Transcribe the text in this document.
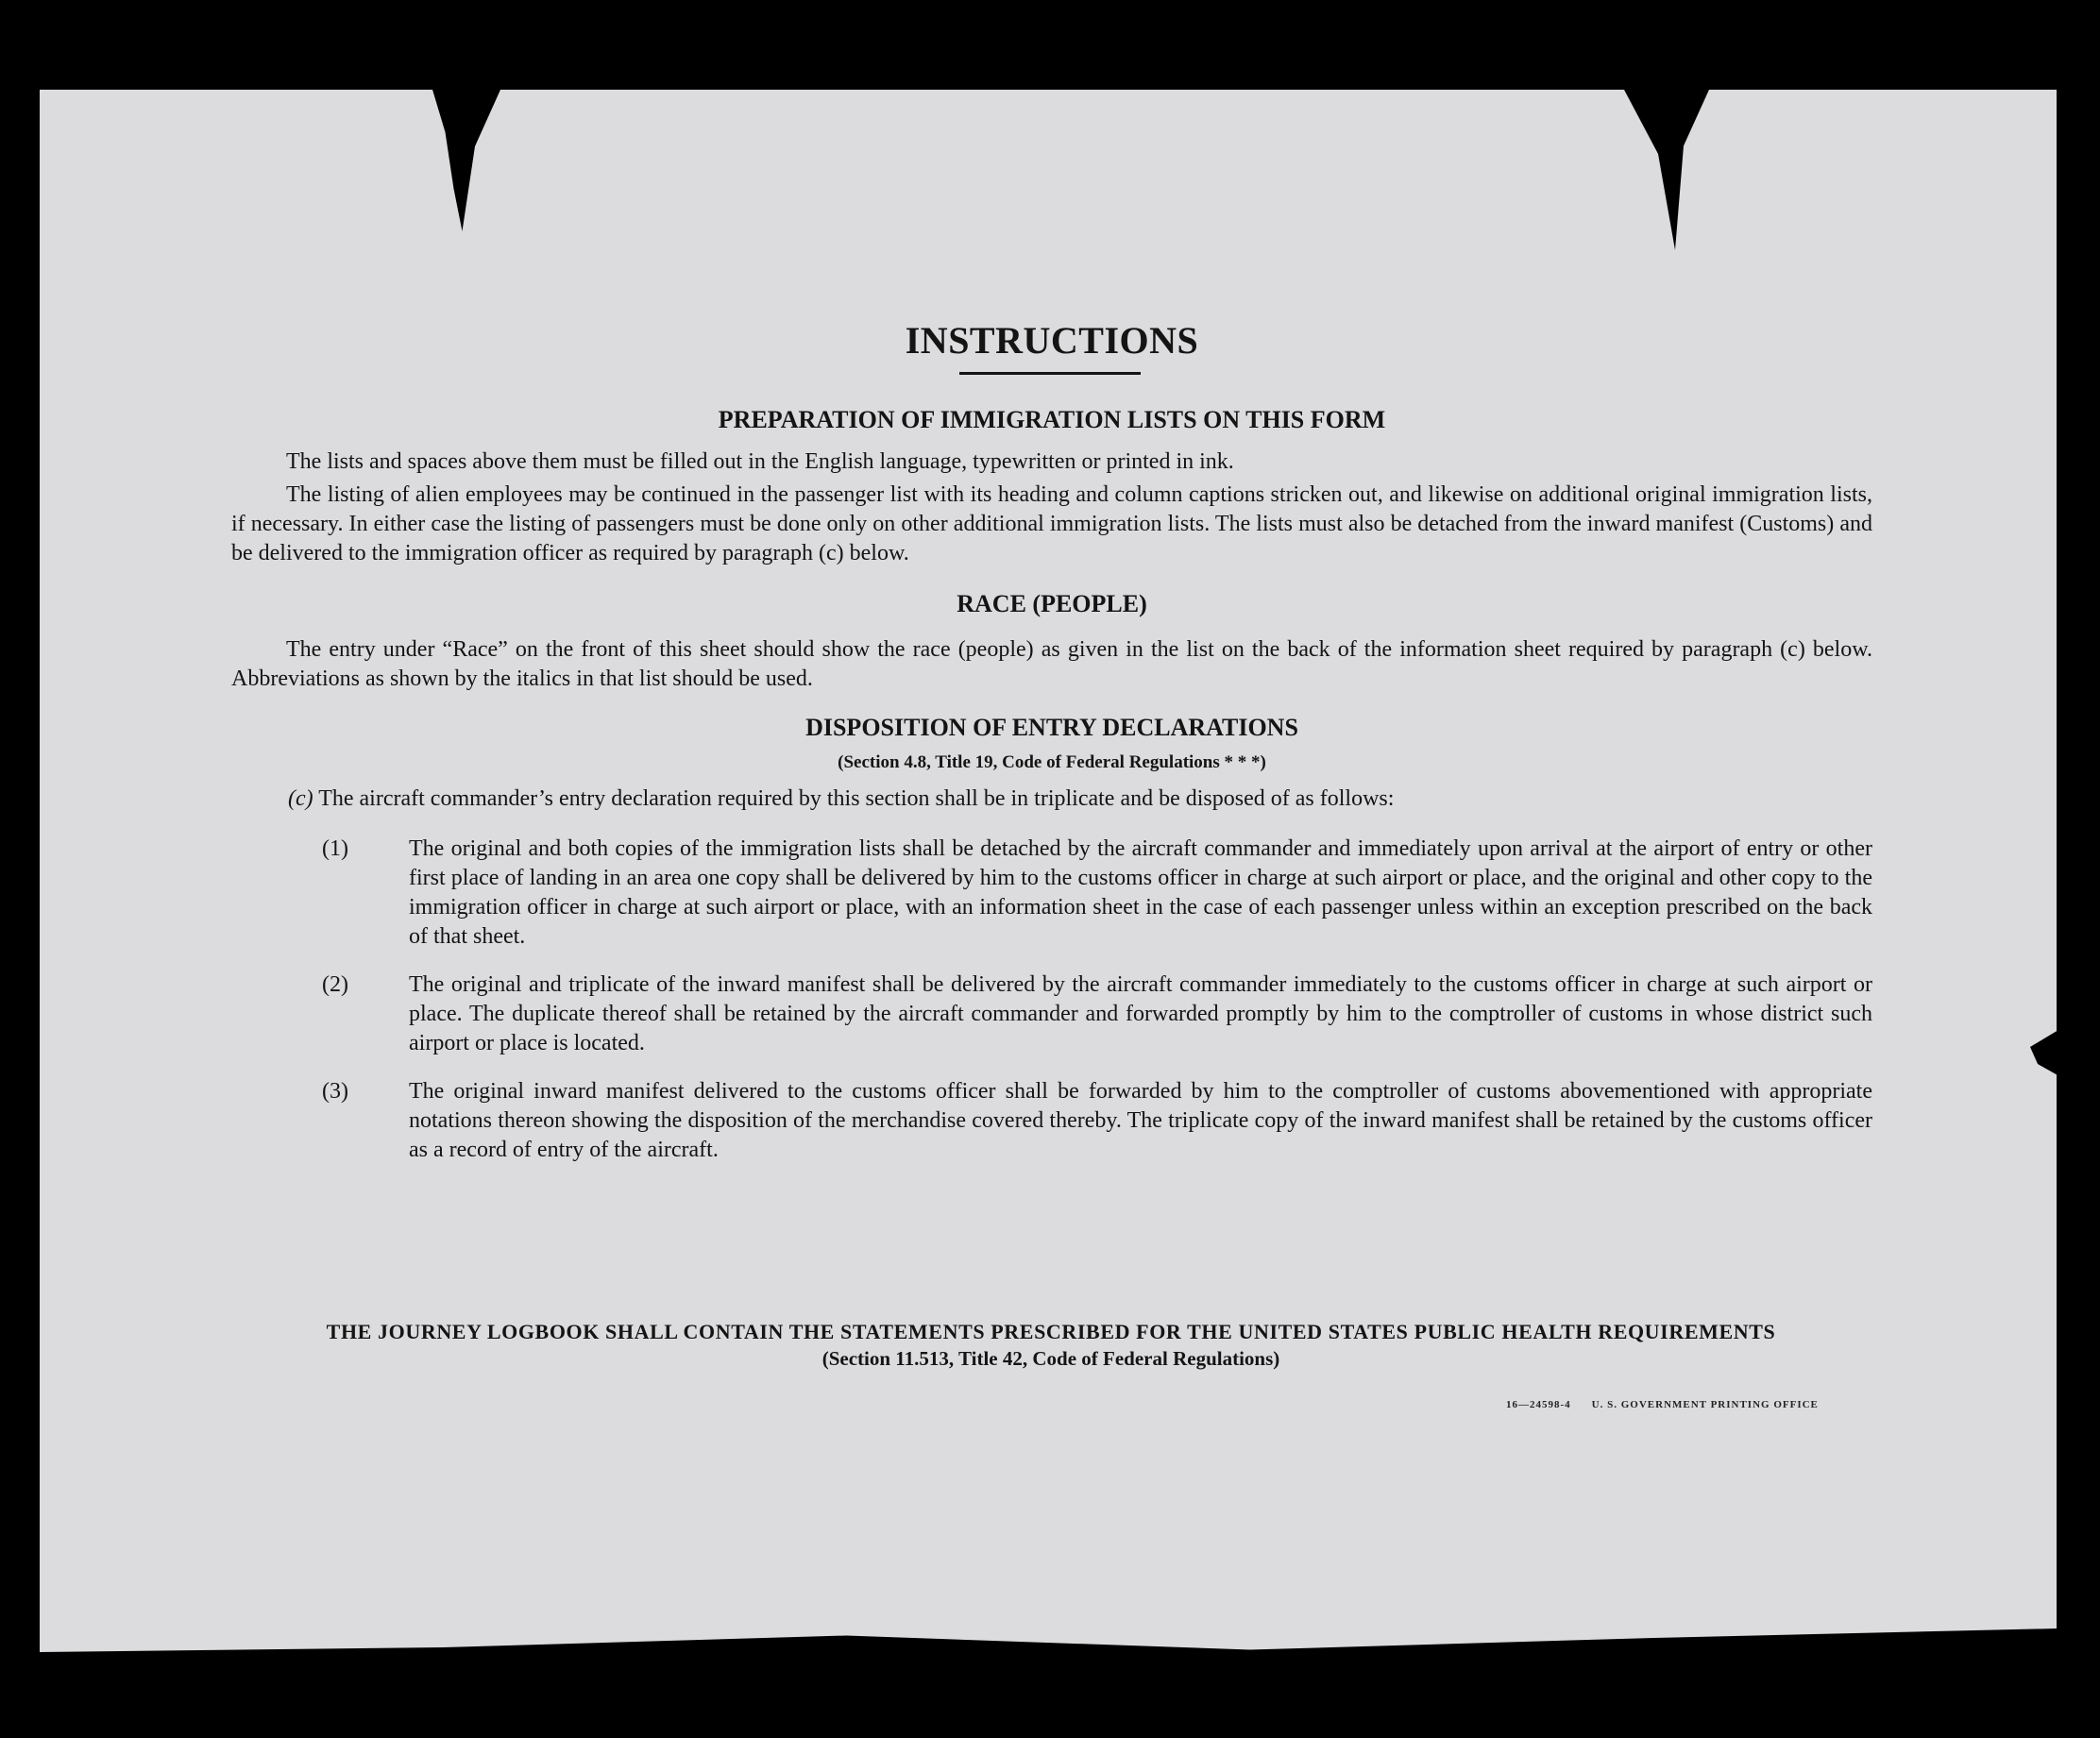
INSTRUCTIONS
PREPARATION OF IMMIGRATION LISTS ON THIS FORM

The lists and spaces above them must be filled out in the English language, typewritten or printed in ink.

The listing of alien employees may be continued in the passenger list with its heading and column captions stricken out, and likewise on additional original immigration lists, if necessary. In either case the listing of passengers must be done only on other additional immigration lists. The lists must also be detached from the inward manifest (Customs) and be delivered to the immigration officer as required by paragraph (c) below.

RACE (PEOPLE)

The entry under “Race” on the front of this sheet should show the race (people) as given in the list on the back of the information sheet required by paragraph (c) below. Abbreviations as shown by the italics in that list should be used.

DISPOSITION OF ENTRY DECLARATIONS
(Section 4.8, Title 19, Code of Federal Regulations * * *)

(c) The aircraft commander’s entry declaration required by this section shall be in triplicate and be disposed of as follows:

(1)	The original and both copies of the immigration lists shall be detached by the aircraft commander and immediately upon arrival at the airport of entry or other first place of landing in an area one copy shall be delivered by him to the customs officer in charge at such airport or place, and the original and other copy to the immigration officer in charge at such airport or place, with an information sheet in the case of each passenger unless within an exception prescribed on the back of that sheet.
(2)	The original and triplicate of the inward manifest shall be delivered by the aircraft commander immediately to the customs officer in charge at such airport or place. The duplicate thereof shall be retained by the aircraft commander and forwarded promptly by him to the comptroller of customs in whose district such airport or place is located.
(3)	The original inward manifest delivered to the customs officer shall be forwarded by him to the comptroller of customs abovementioned with appropriate notations thereon showing the disposition of the merchandise covered thereby. The triplicate copy of the inward manifest shall be retained by the customs officer as a record of entry of the aircraft.
THE JOURNEY LOGBOOK SHALL CONTAIN THE STATEMENTS PRESCRIBED FOR THE UNITED STATES PUBLIC HEALTH REQUIREMENTS
(Section 11.513, Title 42, Code of Federal Regulations)
16—24598-4 U. S. GOVERNMENT PRINTING OFFICE
